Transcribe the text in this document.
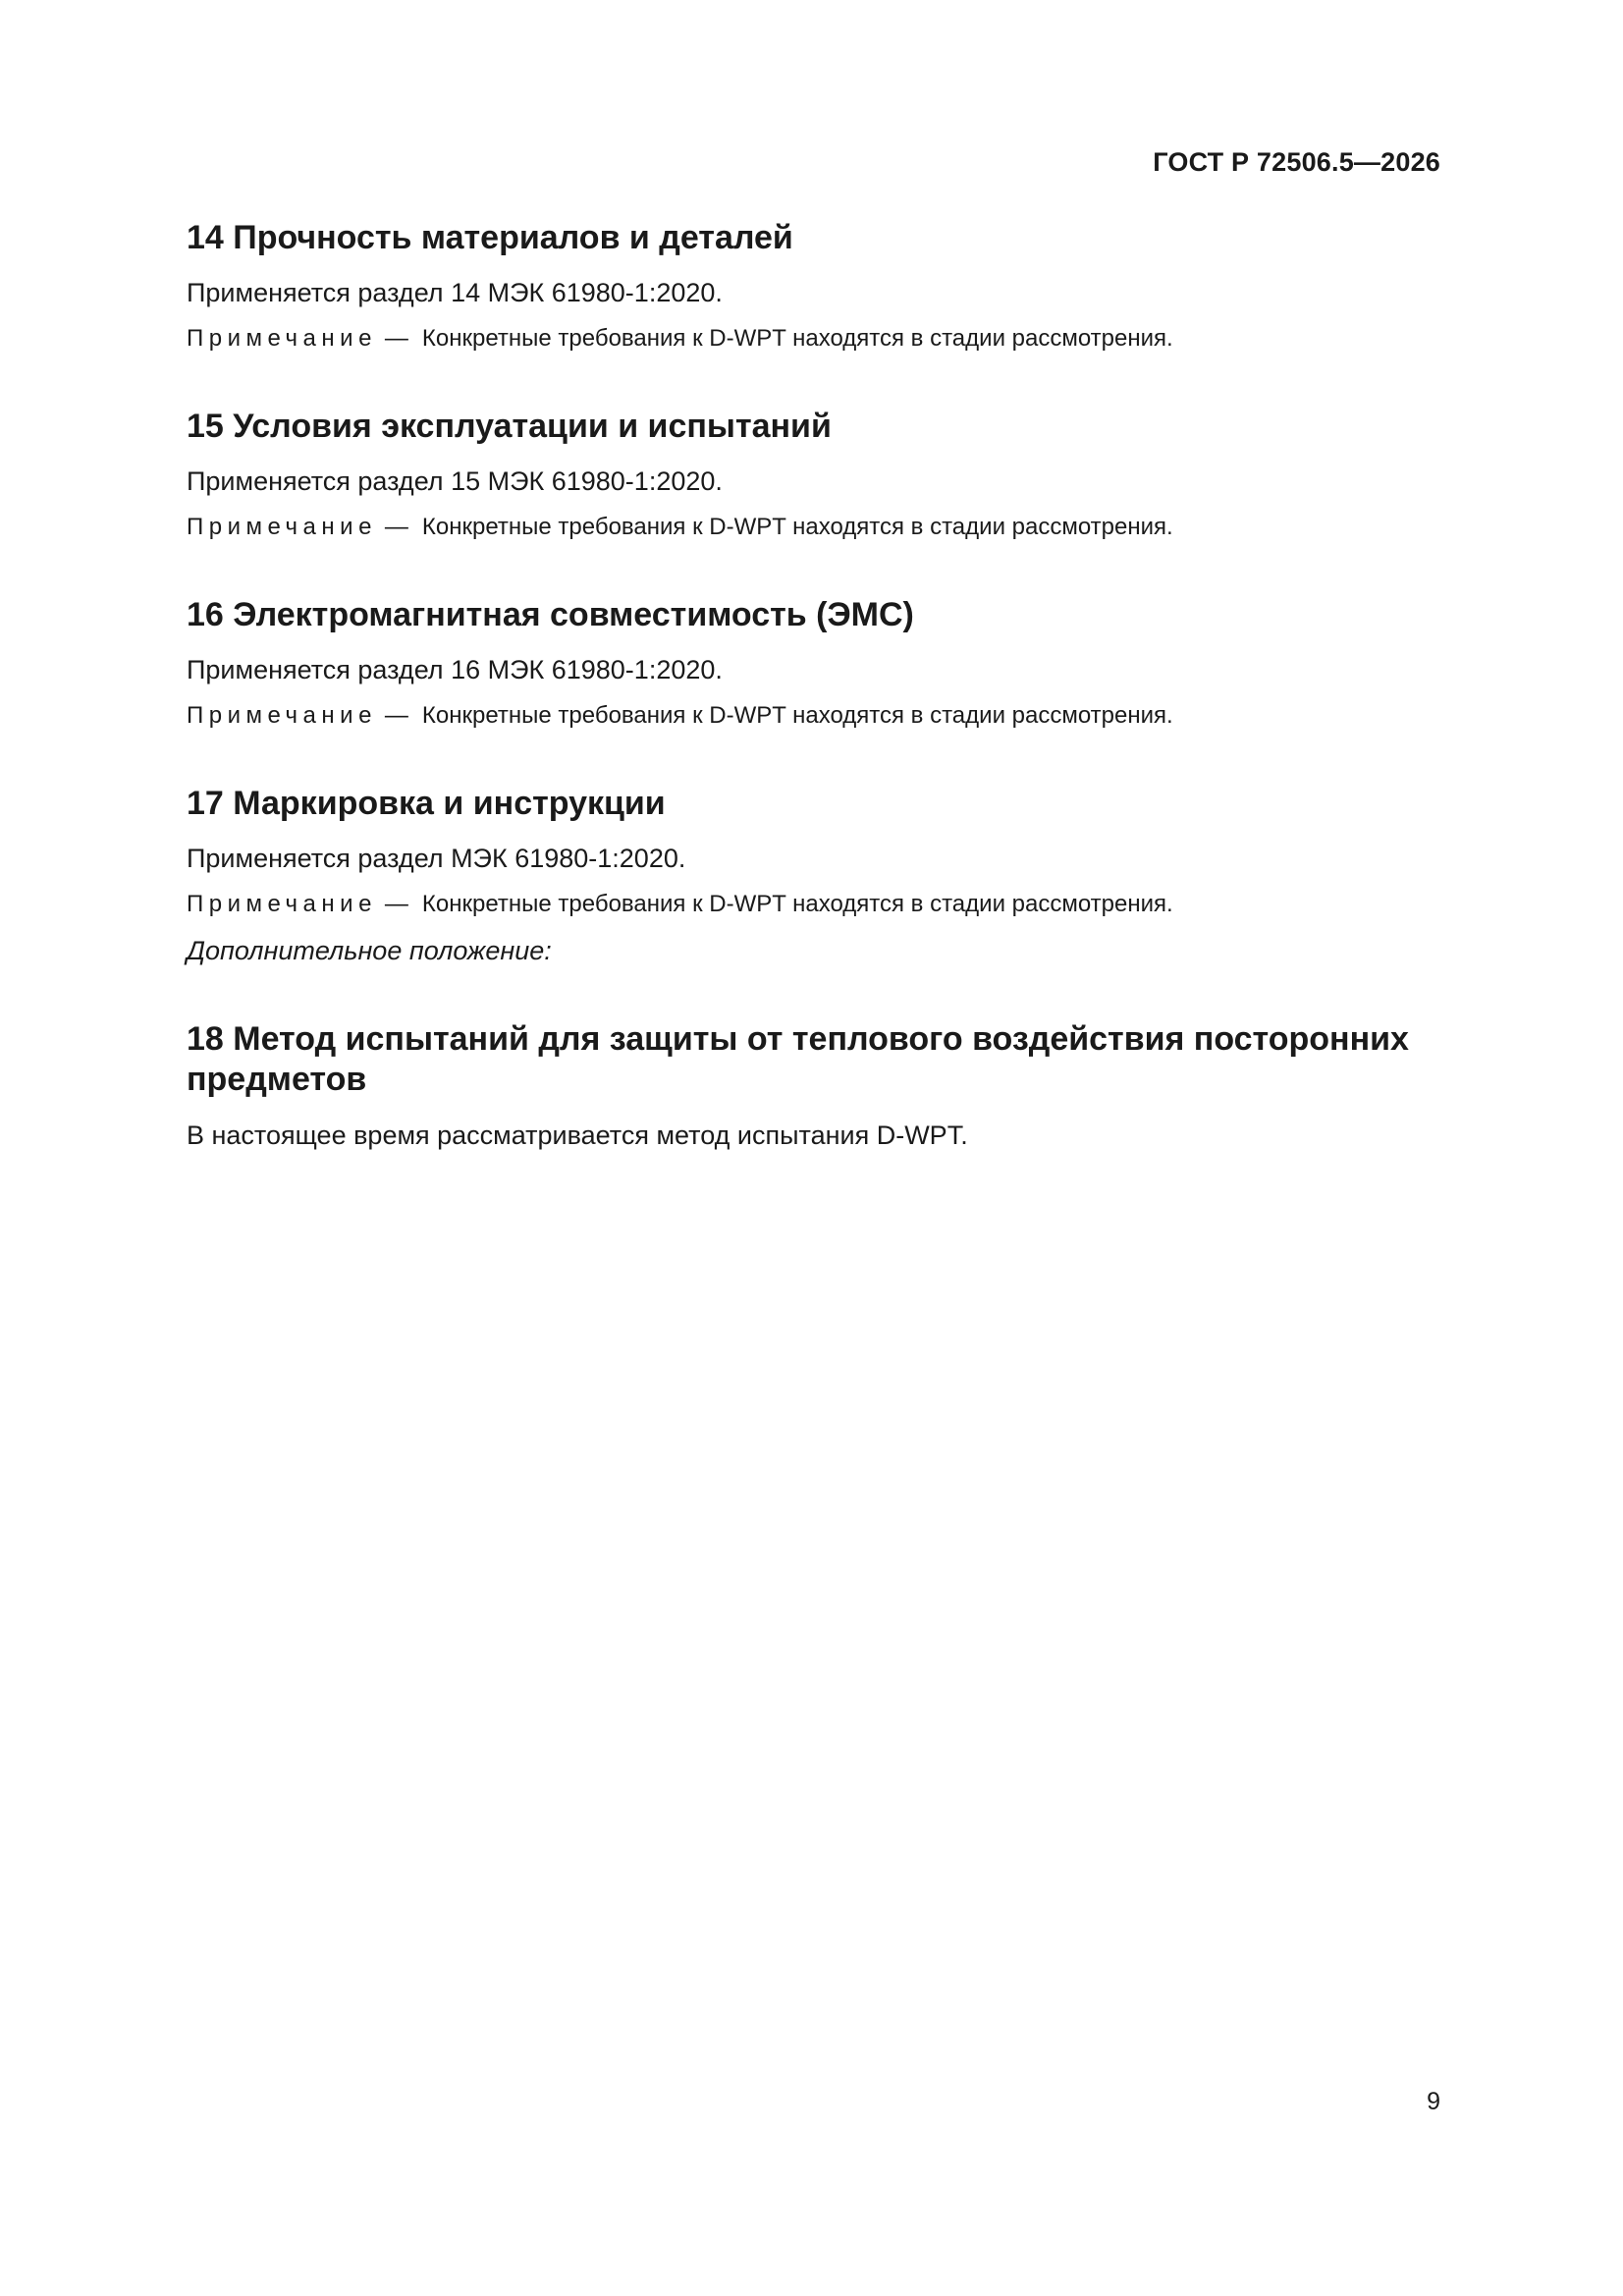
ГОСТ Р 72506.5—2026
14 Прочность материалов и деталей

Применяется раздел 14 МЭК 61980-1:2020.

Примечание — Конкретные требования к D-WPT находятся в стадии рассмотрения.

15 Условия эксплуатации и испытаний

Применяется раздел 15 МЭК 61980-1:2020.

Примечание — Конкретные требования к D-WPT находятся в стадии рассмотрения.

16 Электромагнитная совместимость (ЭМС)

Применяется раздел 16 МЭК 61980-1:2020.

Примечание — Конкретные требования к D-WPT находятся в стадии рассмотрения.

17 Маркировка и инструкции

Применяется раздел МЭК 61980-1:2020.

Примечание — Конкретные требования к D-WPT находятся в стадии рассмотрения.

Дополнительное положение:

18 Метод испытаний для защиты от теплового воздействия посторонних предметов

В настоящее время рассматривается метод испытания D-WPT.

9
